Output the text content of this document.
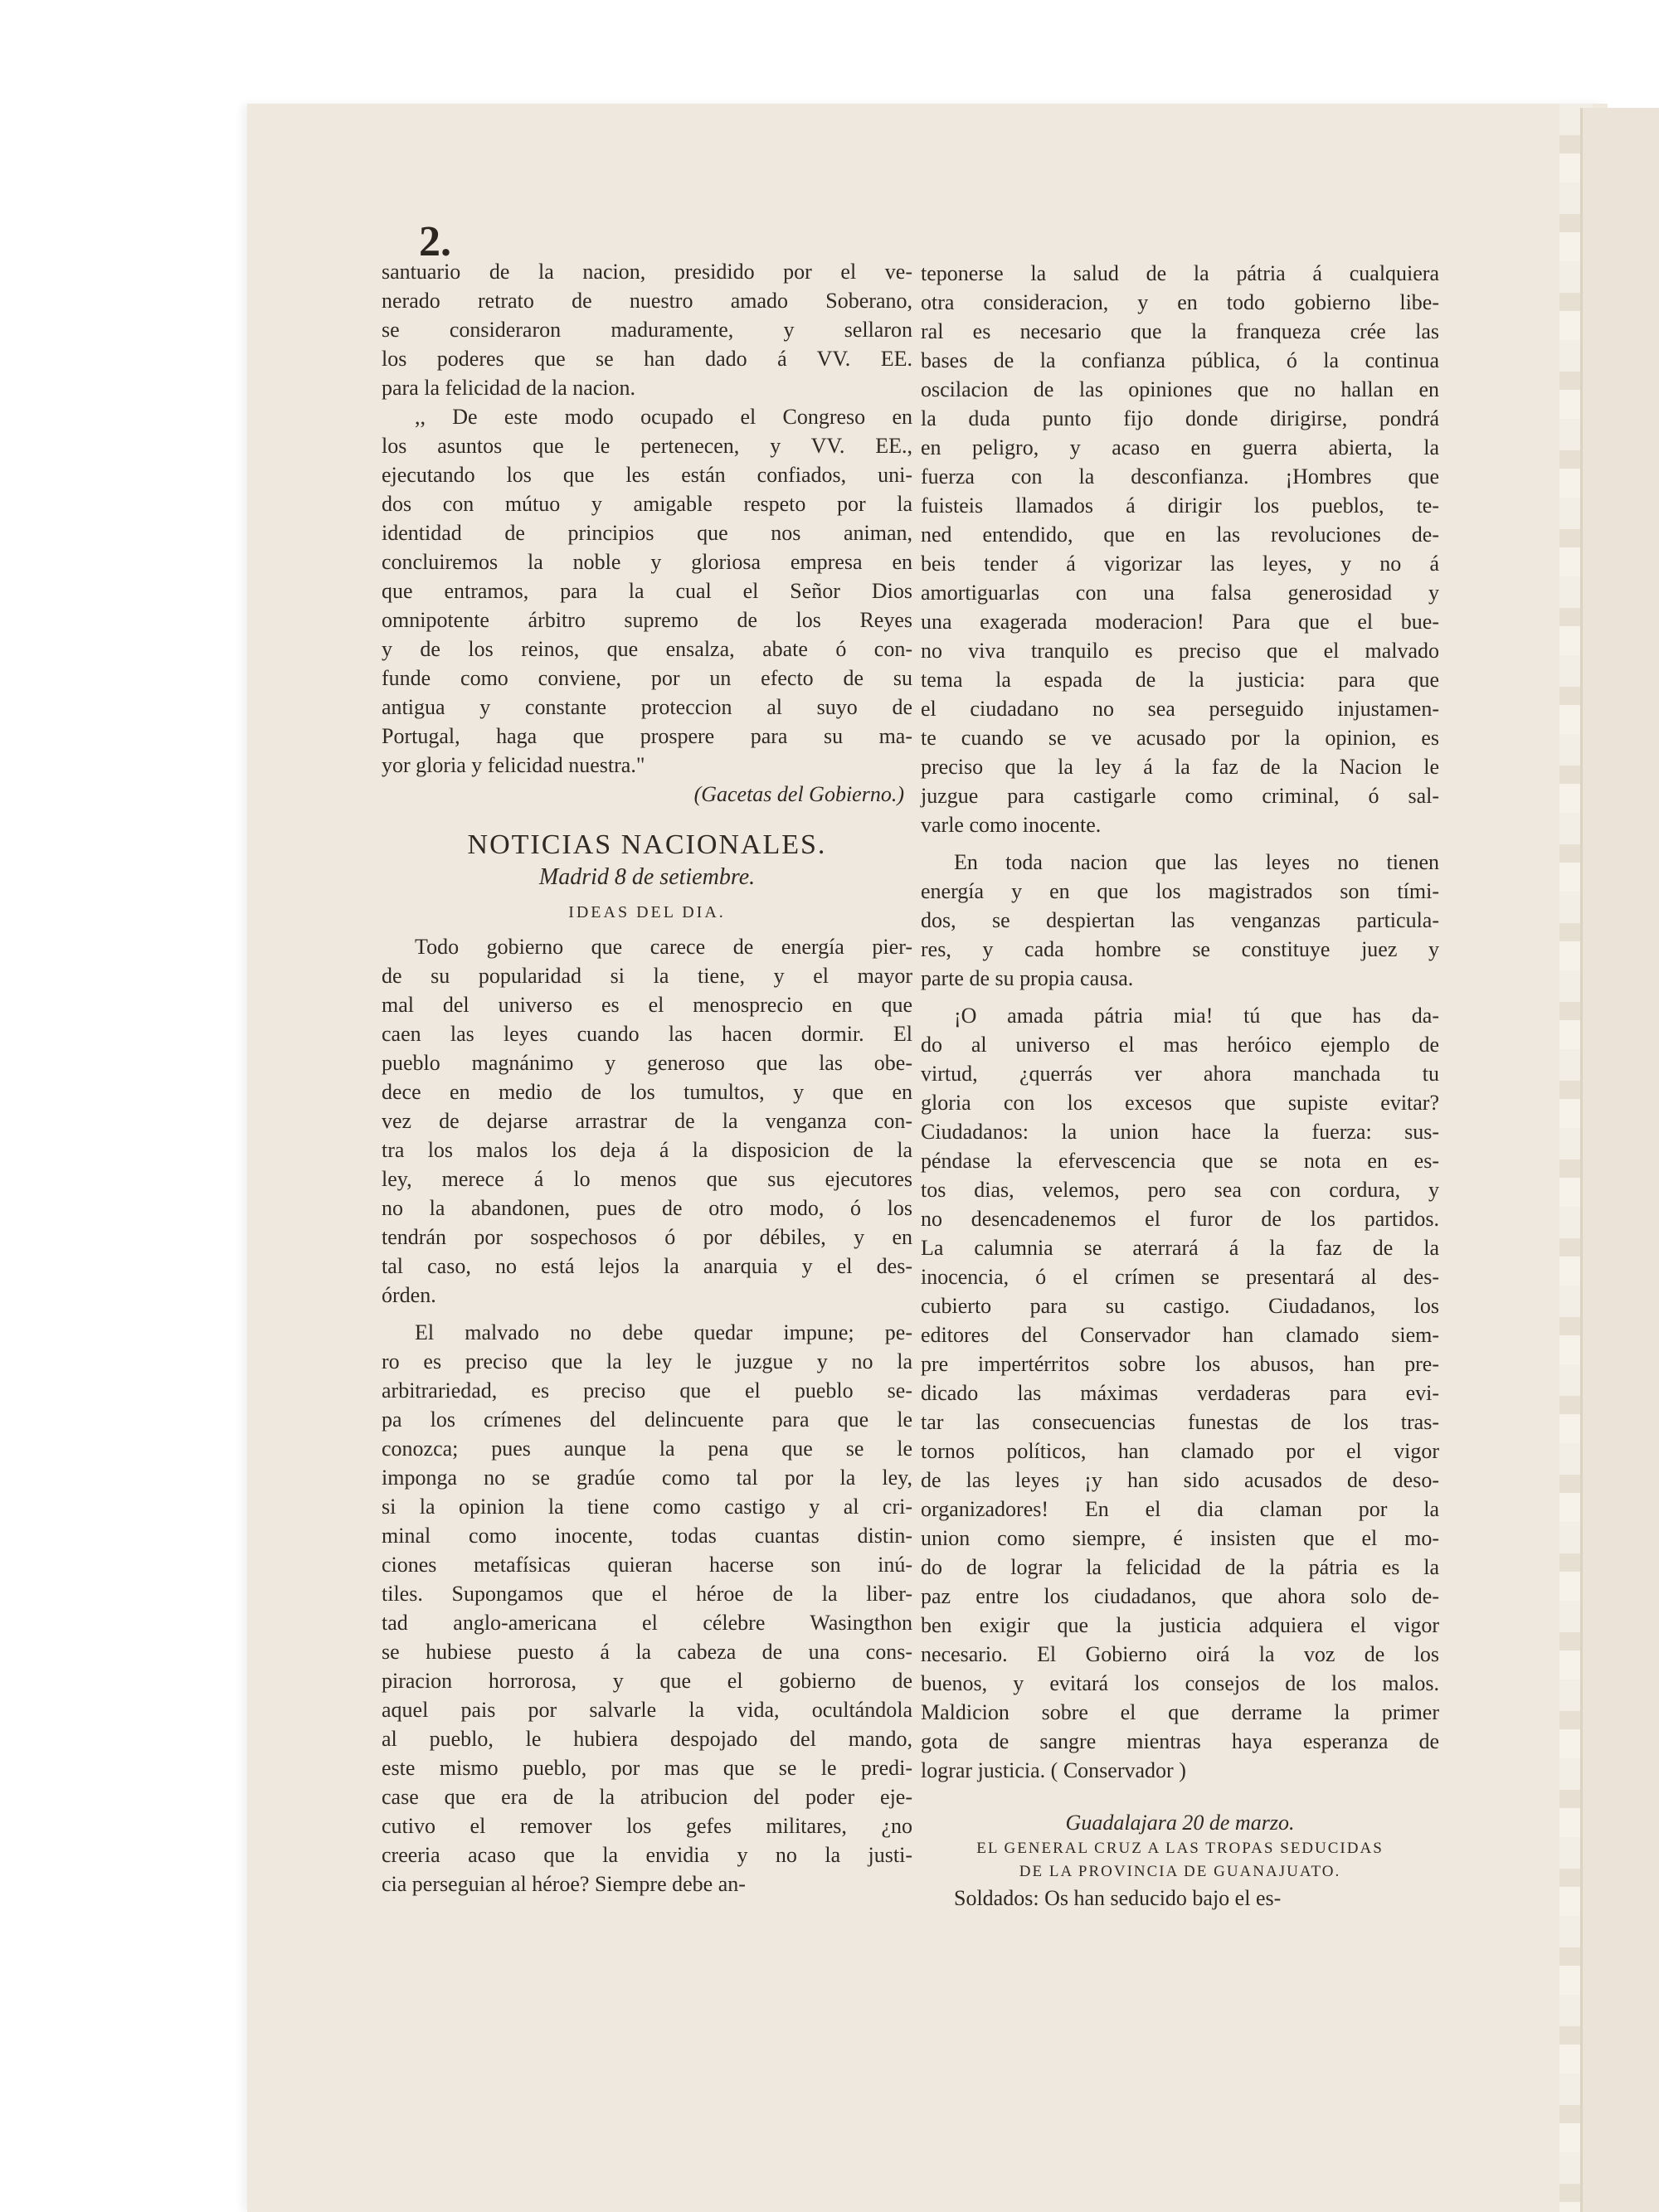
2.
santuario de la nacion, presidido por el ve-
nerado retrato de nuestro amado Soberano,
se consideraron maduramente, y sellaron
los poderes que se han dado á VV. EE.
para la felicidad de la nacion.
,, De este modo ocupado el Congreso en
los asuntos que le pertenecen, y VV. EE.,
ejecutando los que les están confiados, uni-
dos con mútuo y amigable respeto por la
identidad de principios que nos animan,
concluiremos la noble y gloriosa empresa en
que entramos, para la cual el Señor Dios
omnipotente árbitro supremo de los Reyes
y de los reinos, que ensalza, abate ó con-
funde como conviene, por un efecto de su
antigua y constante proteccion al suyo de
Portugal, haga que prospere para su ma-
yor gloria y felicidad nuestra."

(Gacetas del Gobierno.)

NOTICIAS NACIONALES.

Madrid 8 de setiembre.

IDEAS DEL DIA.

Todo gobierno que carece de energía pier-
de su popularidad si la tiene, y el mayor
mal del universo es el menosprecio en que
caen las leyes cuando las hacen dormir. El
pueblo magnánimo y generoso que las obe-
dece en medio de los tumultos, y que en
vez de dejarse arrastrar de la venganza con-
tra los malos los deja á la disposicion de la
ley, merece á lo menos que sus ejecutores
no la abandonen, pues de otro modo, ó los
tendrán por sospechosos ó por débiles, y en
tal caso, no está lejos la anarquia y el des-
órden.
El malvado no debe quedar impune; pe-
ro es preciso que la ley le juzgue y no la
arbitrariedad, es preciso que el pueblo se-
pa los crímenes del delincuente para que le
conozca; pues aunque la pena que se le
imponga no se gradúe como tal por la ley,
si la opinion la tiene como castigo y al cri-
minal como inocente, todas cuantas distin-
ciones metafísicas quieran hacerse son inú-
tiles. Supongamos que el héroe de la liber-
tad anglo-americana el célebre Wasingthon
se hubiese puesto á la cabeza de una cons-
piracion horrorosa, y que el gobierno de
aquel pais por salvarle la vida, ocultándola
al pueblo, le hubiera despojado del mando,
este mismo pueblo, por mas que se le predi-
case que era de la atribucion del poder eje-
cutivo el remover los gefes militares, ¿no
creeria acaso que la envidia y no la justi-
cia perseguian al héroe? Siempre debe an-
teponerse la salud de la pátria á cualquiera
otra consideracion, y en todo gobierno libe-
ral es necesario que la franqueza crée las
bases de la confianza pública, ó la continua
oscilacion de las opiniones que no hallan en
la duda punto fijo donde dirigirse, pondrá
en peligro, y acaso en guerra abierta, la
fuerza con la desconfianza. ¡Hombres que
fuisteis llamados á dirigir los pueblos, te-
ned entendido, que en las revoluciones de-
beis tender á vigorizar las leyes, y no á
amortiguarlas con una falsa generosidad y
una exagerada moderacion! Para que el bue-
no viva tranquilo es preciso que el malvado
tema la espada de la justicia: para que
el ciudadano no sea perseguido injustamen-
te cuando se ve acusado por la opinion, es
preciso que la ley á la faz de la Nacion le
juzgue para castigarle como criminal, ó sal-
varle como inocente.
En toda nacion que las leyes no tienen
energía y en que los magistrados son tími-
dos, se despiertan las venganzas particula-
res, y cada hombre se constituye juez y
parte de su propia causa.
¡O amada pátria mia! tú que has da-
do al universo el mas heróico ejemplo de
virtud, ¿querrás ver ahora manchada tu
gloria con los excesos que supiste evitar?
Ciudadanos: la union hace la fuerza: sus-
péndase la efervescencia que se nota en es-
tos dias, velemos, pero sea con cordura, y
no desencadenemos el furor de los partidos.
La calumnia se aterrará á la faz de la
inocencia, ó el crímen se presentará al des-
cubierto para su castigo. Ciudadanos, los
editores del Conservador han clamado siem-
pre impertérritos sobre los abusos, han pre-
dicado las máximas verdaderas para evi-
tar las consecuencias funestas de los tras-
tornos políticos, han clamado por el vigor
de las leyes ¡y han sido acusados de deso-
organizadores! En el dia claman por la
union como siempre, é insisten que el mo-
do de lograr la felicidad de la pátria es la
paz entre los ciudadanos, que ahora solo de-
ben exigir que la justicia adquiera el vigor
necesario. El Gobierno oirá la voz de los
buenos, y evitará los consejos de los malos.
Maldicion sobre el que derrame la primer
gota de sangre mientras haya esperanza de
lograr justicia. ( Conservador )

Guadalajara 20 de marzo.

EL GENERAL CRUZ A LAS TROPAS SEDUCIDAS
DE LA PROVINCIA DE GUANAJUATO.
Soldados: Os han seducido bajo el es-
